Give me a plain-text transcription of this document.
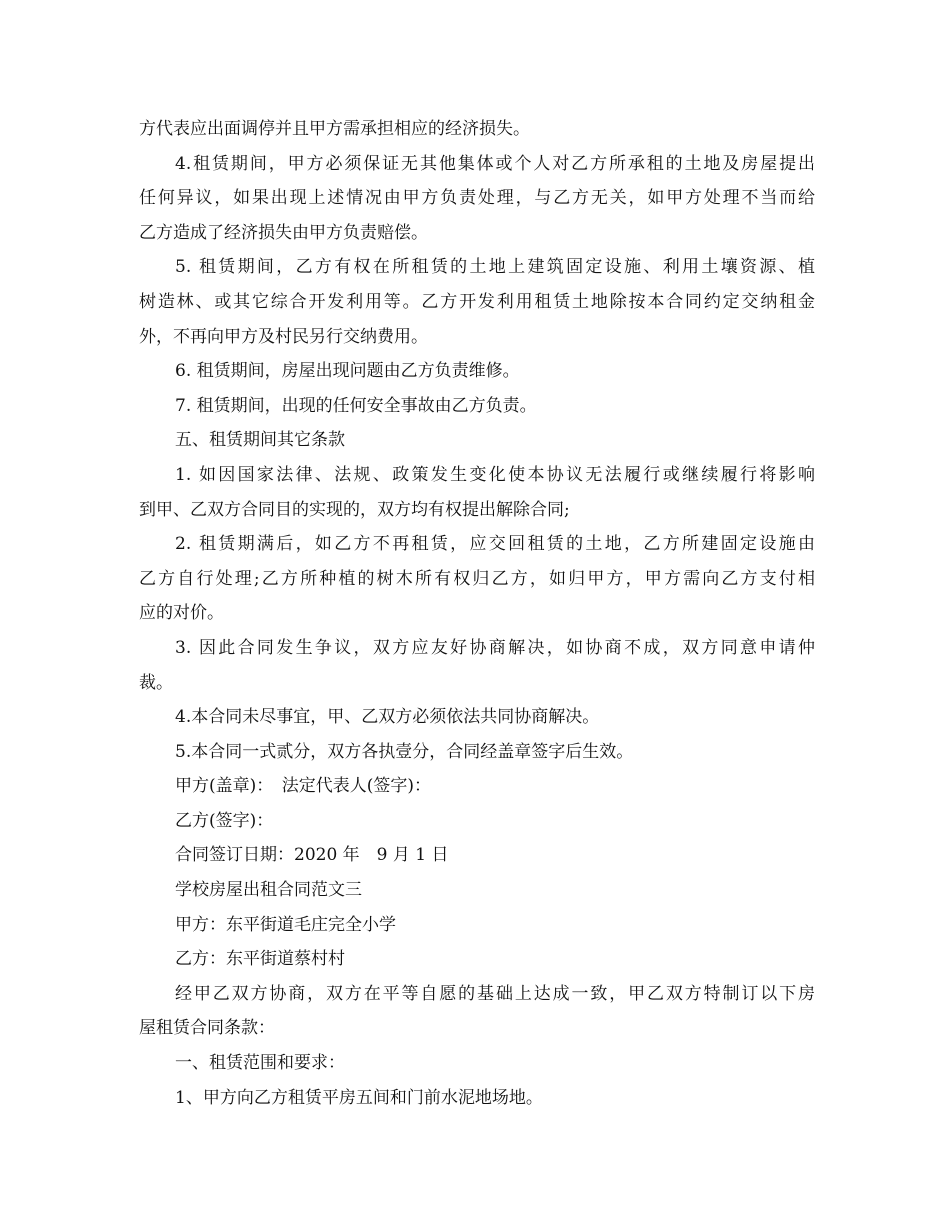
方代表应出面调停并且甲方需承担相应的经济损失。
4.租赁期间，甲方必须保证无其他集体或个人对乙方所承租的土地及房屋提出
任何异议，如果出现上述情况由甲方负责处理，与乙方无关，如甲方处理不当而给
乙方造成了经济损失由甲方负责赔偿。
5. 租赁期间，乙方有权在所租赁的土地上建筑固定设施、利用土壤资源、植
树造林、或其它综合开发利用等。乙方开发利用租赁土地除按本合同约定交纳租金
外，不再向甲方及村民另行交纳费用。
6. 租赁期间，房屋出现问题由乙方负责维修。
7. 租赁期间，出现的任何安全事故由乙方负责。
五、租赁期间其它条款
1. 如因国家法律、法规、政策发生变化使本协议无法履行或继续履行将影响
到甲、乙双方合同目的实现的，双方均有权提出解除合同;
2. 租赁期满后，如乙方不再租赁，应交回租赁的土地，乙方所建固定设施由
乙方自行处理;乙方所种植的树木所有权归乙方，如归甲方，甲方需向乙方支付相
应的对价。
3. 因此合同发生争议，双方应友好协商解决，如协商不成，双方同意申请仲
裁。
4.本合同未尽事宜，甲、乙双方必须依法共同协商解决。
5.本合同一式贰分，双方各执壹分，合同经盖章签字后生效。
甲方(盖章)：　法定代表人(签字)：
乙方(签字)：
合同签订日期：2020 年　9 月 1 日
学校房屋出租合同范文三
甲方：东平街道毛庄完全小学
乙方：东平街道蔡村村
经甲乙双方协商，双方在平等自愿的基础上达成一致，甲乙双方特制订以下房
屋租赁合同条款：
一、租赁范围和要求：
1、甲方向乙方租赁平房五间和门前水泥地场地。
